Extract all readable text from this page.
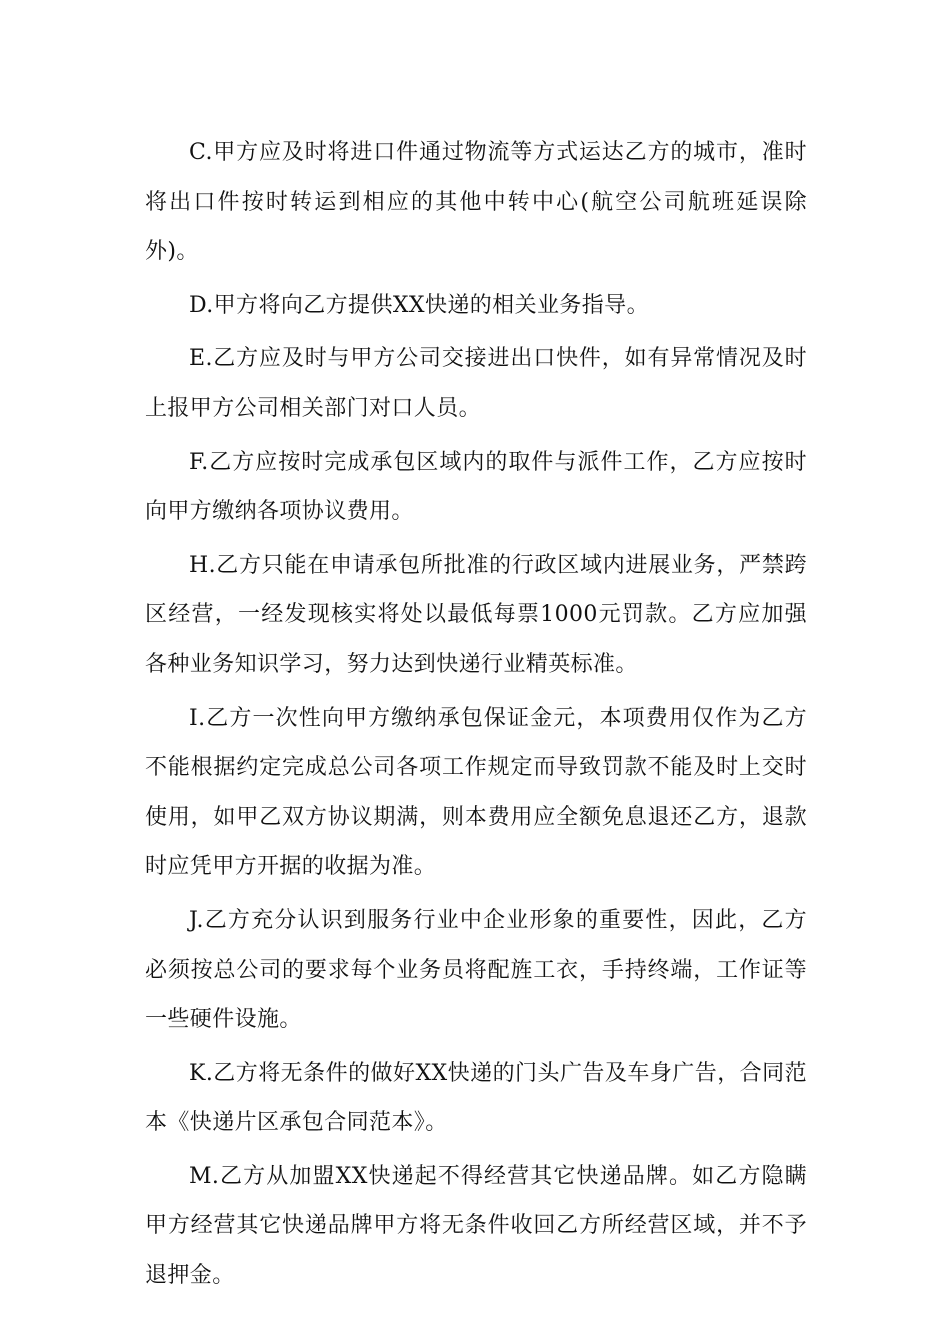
C.甲方应及时将进口件通过物流等方式运达乙方的城市，准时将出口件按时转运到相应的其他中转中心(航空公司航班延误除外)。

D.甲方将向乙方提供XX快递的相关业务指导。

E.乙方应及时与甲方公司交接进出口快件，如有异常情况及时上报甲方公司相关部门对口人员。

F.乙方应按时完成承包区域内的取件与派件工作，乙方应按时向甲方缴纳各项协议费用。

H.乙方只能在申请承包所批准的行政区域内进展业务，严禁跨区经营，一经发现核实将处以最低每票1000元罚款。乙方应加强各种业务知识学习，努力达到快递行业精英标准。

I.乙方一次性向甲方缴纳承包保证金元，本项费用仅作为乙方不能根据约定完成总公司各项工作规定而导致罚款不能及时上交时使用，如甲乙双方协议期满，则本费用应全额免息退还乙方，退款时应凭甲方开据的收据为准。

J.乙方充分认识到服务行业中企业形象的重要性，因此，乙方必须按总公司的要求每个业务员将配旌工衣，手持终端，工作证等一些硬件设施。

K.乙方将无条件的做好XX快递的门头广告及车身广告，合同范本《快递片区承包合同范本》。

M.乙方从加盟XX快递起不得经营其它快递品牌。如乙方隐瞒甲方经营其它快递品牌甲方将无条件收回乙方所经营区域，并不予退押金。
